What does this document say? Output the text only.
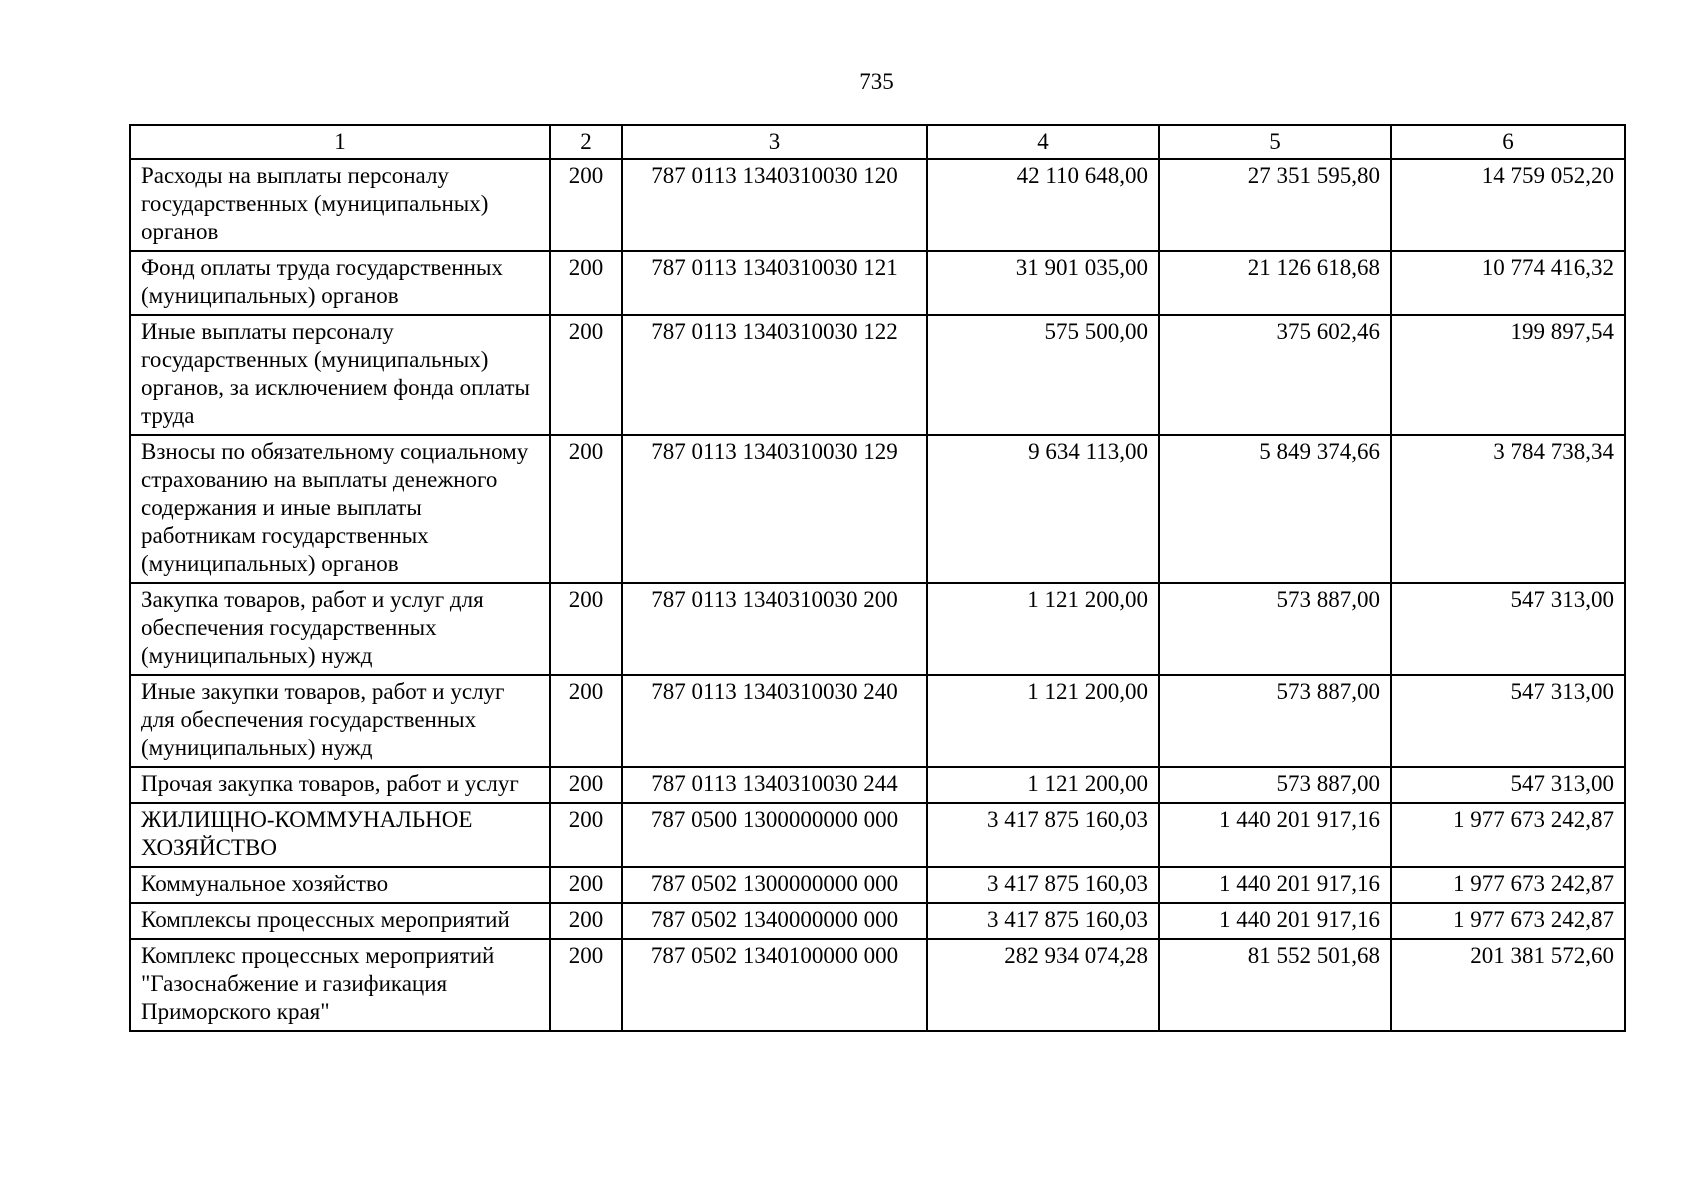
735
1	2	3	4	5	6
Расходы на выплаты персоналу государственных (муниципальных) органов	200	787 0113 1340310030 120	42 110 648,00	27 351 595,80	14 759 052,20
Фонд оплаты труда государственных (муниципальных) органов	200	787 0113 1340310030 121	31 901 035,00	21 126 618,68	10 774 416,32
Иные выплаты персоналу государственных (муниципальных) органов, за исключением фонда оплаты труда	200	787 0113 1340310030 122	575 500,00	375 602,46	199 897,54
Взносы по обязательному социальному страхованию на выплаты денежного содержания и иные выплаты работникам государственных (муниципальных) органов	200	787 0113 1340310030 129	9 634 113,00	5 849 374,66	3 784 738,34
Закупка товаров, работ и услуг для обеспечения государственных (муниципальных) нужд	200	787 0113 1340310030 200	1 121 200,00	573 887,00	547 313,00
Иные закупки товаров, работ и услуг для обеспечения государственных (муниципальных) нужд	200	787 0113 1340310030 240	1 121 200,00	573 887,00	547 313,00
Прочая закупка товаров, работ и услуг	200	787 0113 1340310030 244	1 121 200,00	573 887,00	547 313,00
ЖИЛИЩНО-КОММУНАЛЬНОЕ ХОЗЯЙСТВО	200	787 0500 1300000000 000	3 417 875 160,03	1 440 201 917,16	1 977 673 242,87
Коммунальное хозяйство	200	787 0502 1300000000 000	3 417 875 160,03	1 440 201 917,16	1 977 673 242,87
Комплексы процессных мероприятий	200	787 0502 1340000000 000	3 417 875 160,03	1 440 201 917,16	1 977 673 242,87
Комплекс процессных мероприятий "Газоснабжение и газификация Приморского края"	200	787 0502 1340100000 000	282 934 074,28	81 552 501,68	201 381 572,60
